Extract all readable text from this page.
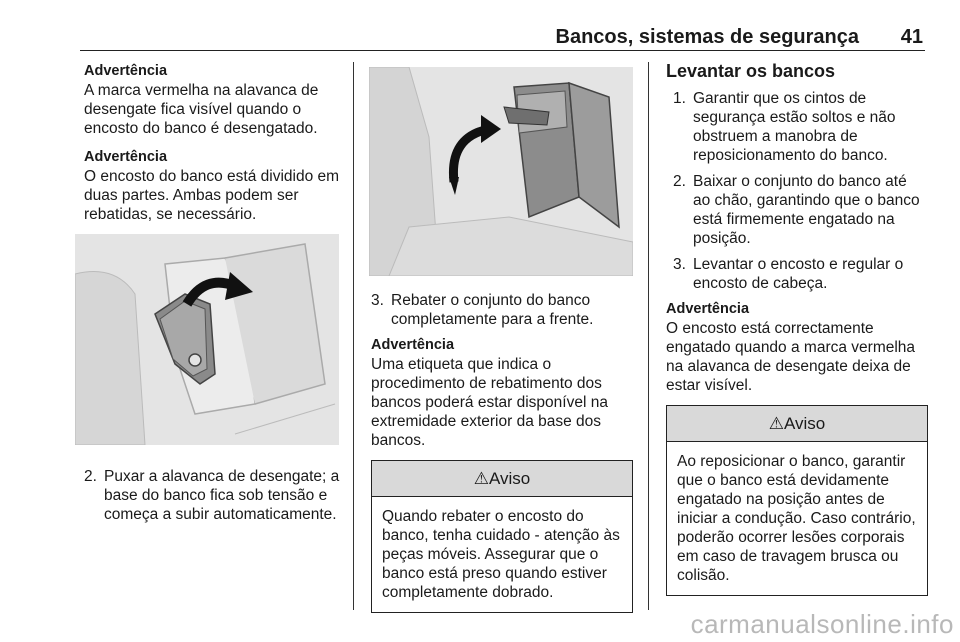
Bancos, sistemas de segurança 41
Advertência
A marca vermelha na alavanca de desengate fica visível quando o encosto do banco é desengatado.
Advertência
O encosto do banco está dividido em duas partes. Ambas podem ser rebatidas, se necessário.
2. Puxar a alavanca de desengate; a base do banco fica sob tensão e começa a subir automaticamente.
3. Rebater o conjunto do banco completamente para a frente.
Advertência
Uma etiqueta que indica o procedimento de rebatimento dos bancos poderá estar disponível na extremidade exterior da base dos bancos.
⚠Aviso
Quando rebater o encosto do banco, tenha cuidado - atenção às peças móveis. Assegurar que o banco está preso quando estiver completamente dobrado.
Levantar os bancos
1. Garantir que os cintos de segurança estão soltos e não obstruem a manobra de reposicionamento do banco.
2. Baixar o conjunto do banco até ao chão, garantindo que o banco está firmemente engatado na posição.
3. Levantar o encosto e regular o encosto de cabeça.
Advertência
O encosto está correctamente engatado quando a marca vermelha na alavanca de desengate deixa de estar visível.
⚠Aviso
Ao reposicionar o banco, garantir que o banco está devidamente engatado na posição antes de iniciar a condução. Caso contrário, poderão ocorrer lesões corporais em caso de travagem brusca ou colisão.
carmanualsonline.info
